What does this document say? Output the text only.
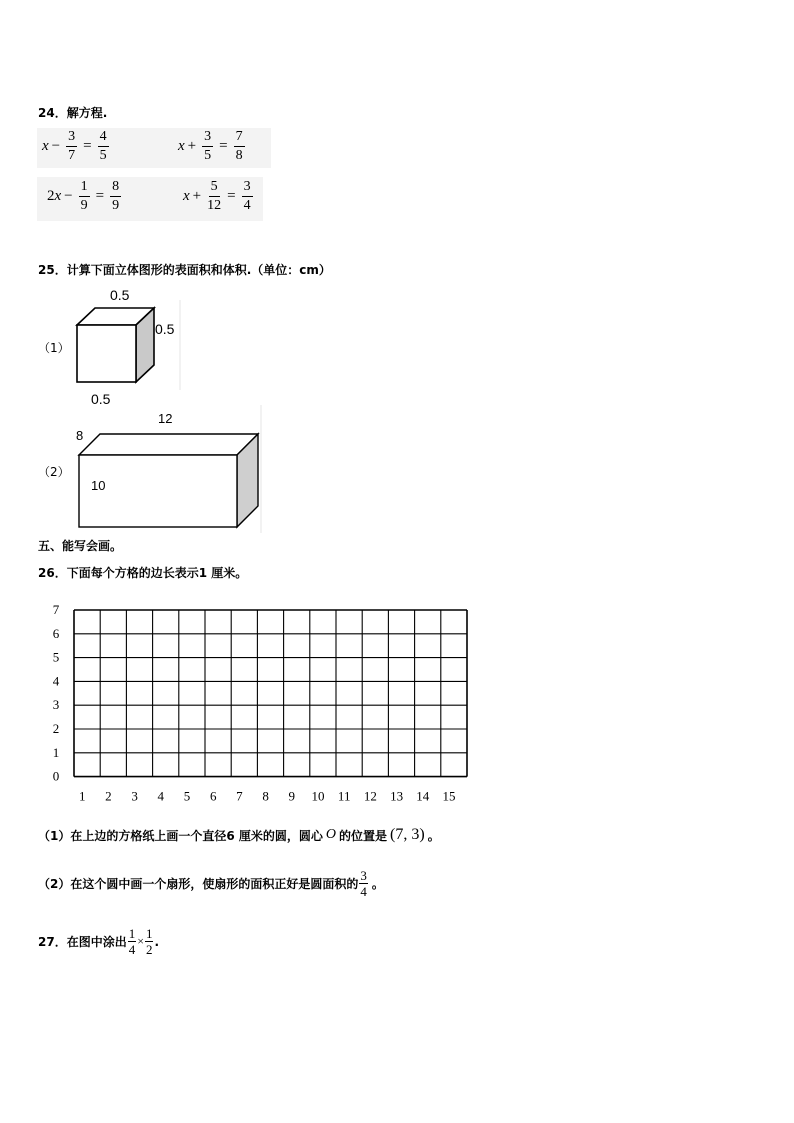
24．解方程.
$x - \frac{3}{7} = \frac{4}{5}$	$x + \frac{3}{5} = \frac{7}{8}$
2 $x - \frac{1}{9} = \frac{8}{9}$	$x + \frac{5}{12} = \frac{3}{4}$
25．计算下面立体图形的表面积和体积.（单位：cm）
（1）
0.5
0.5
0.5
（2）
12
8
10
五、能写会画。
26．下面每个方格的边长表示1 厘米。
7
6
5
4
3
2
1
0
1 2 3 4 5 6 7 8 9 10 11 12 13 14 15
（1）在上边的方格纸上画一个直径6 厘米的圆，圆心 O 的位置是 (7, 3) 。
（2）在这个圆中画一个扇形，使扇形的面积正好是圆面积的
3
4 。
27．在图中涂出 $\frac{1}{4} \times \frac{1}{2}$ .
